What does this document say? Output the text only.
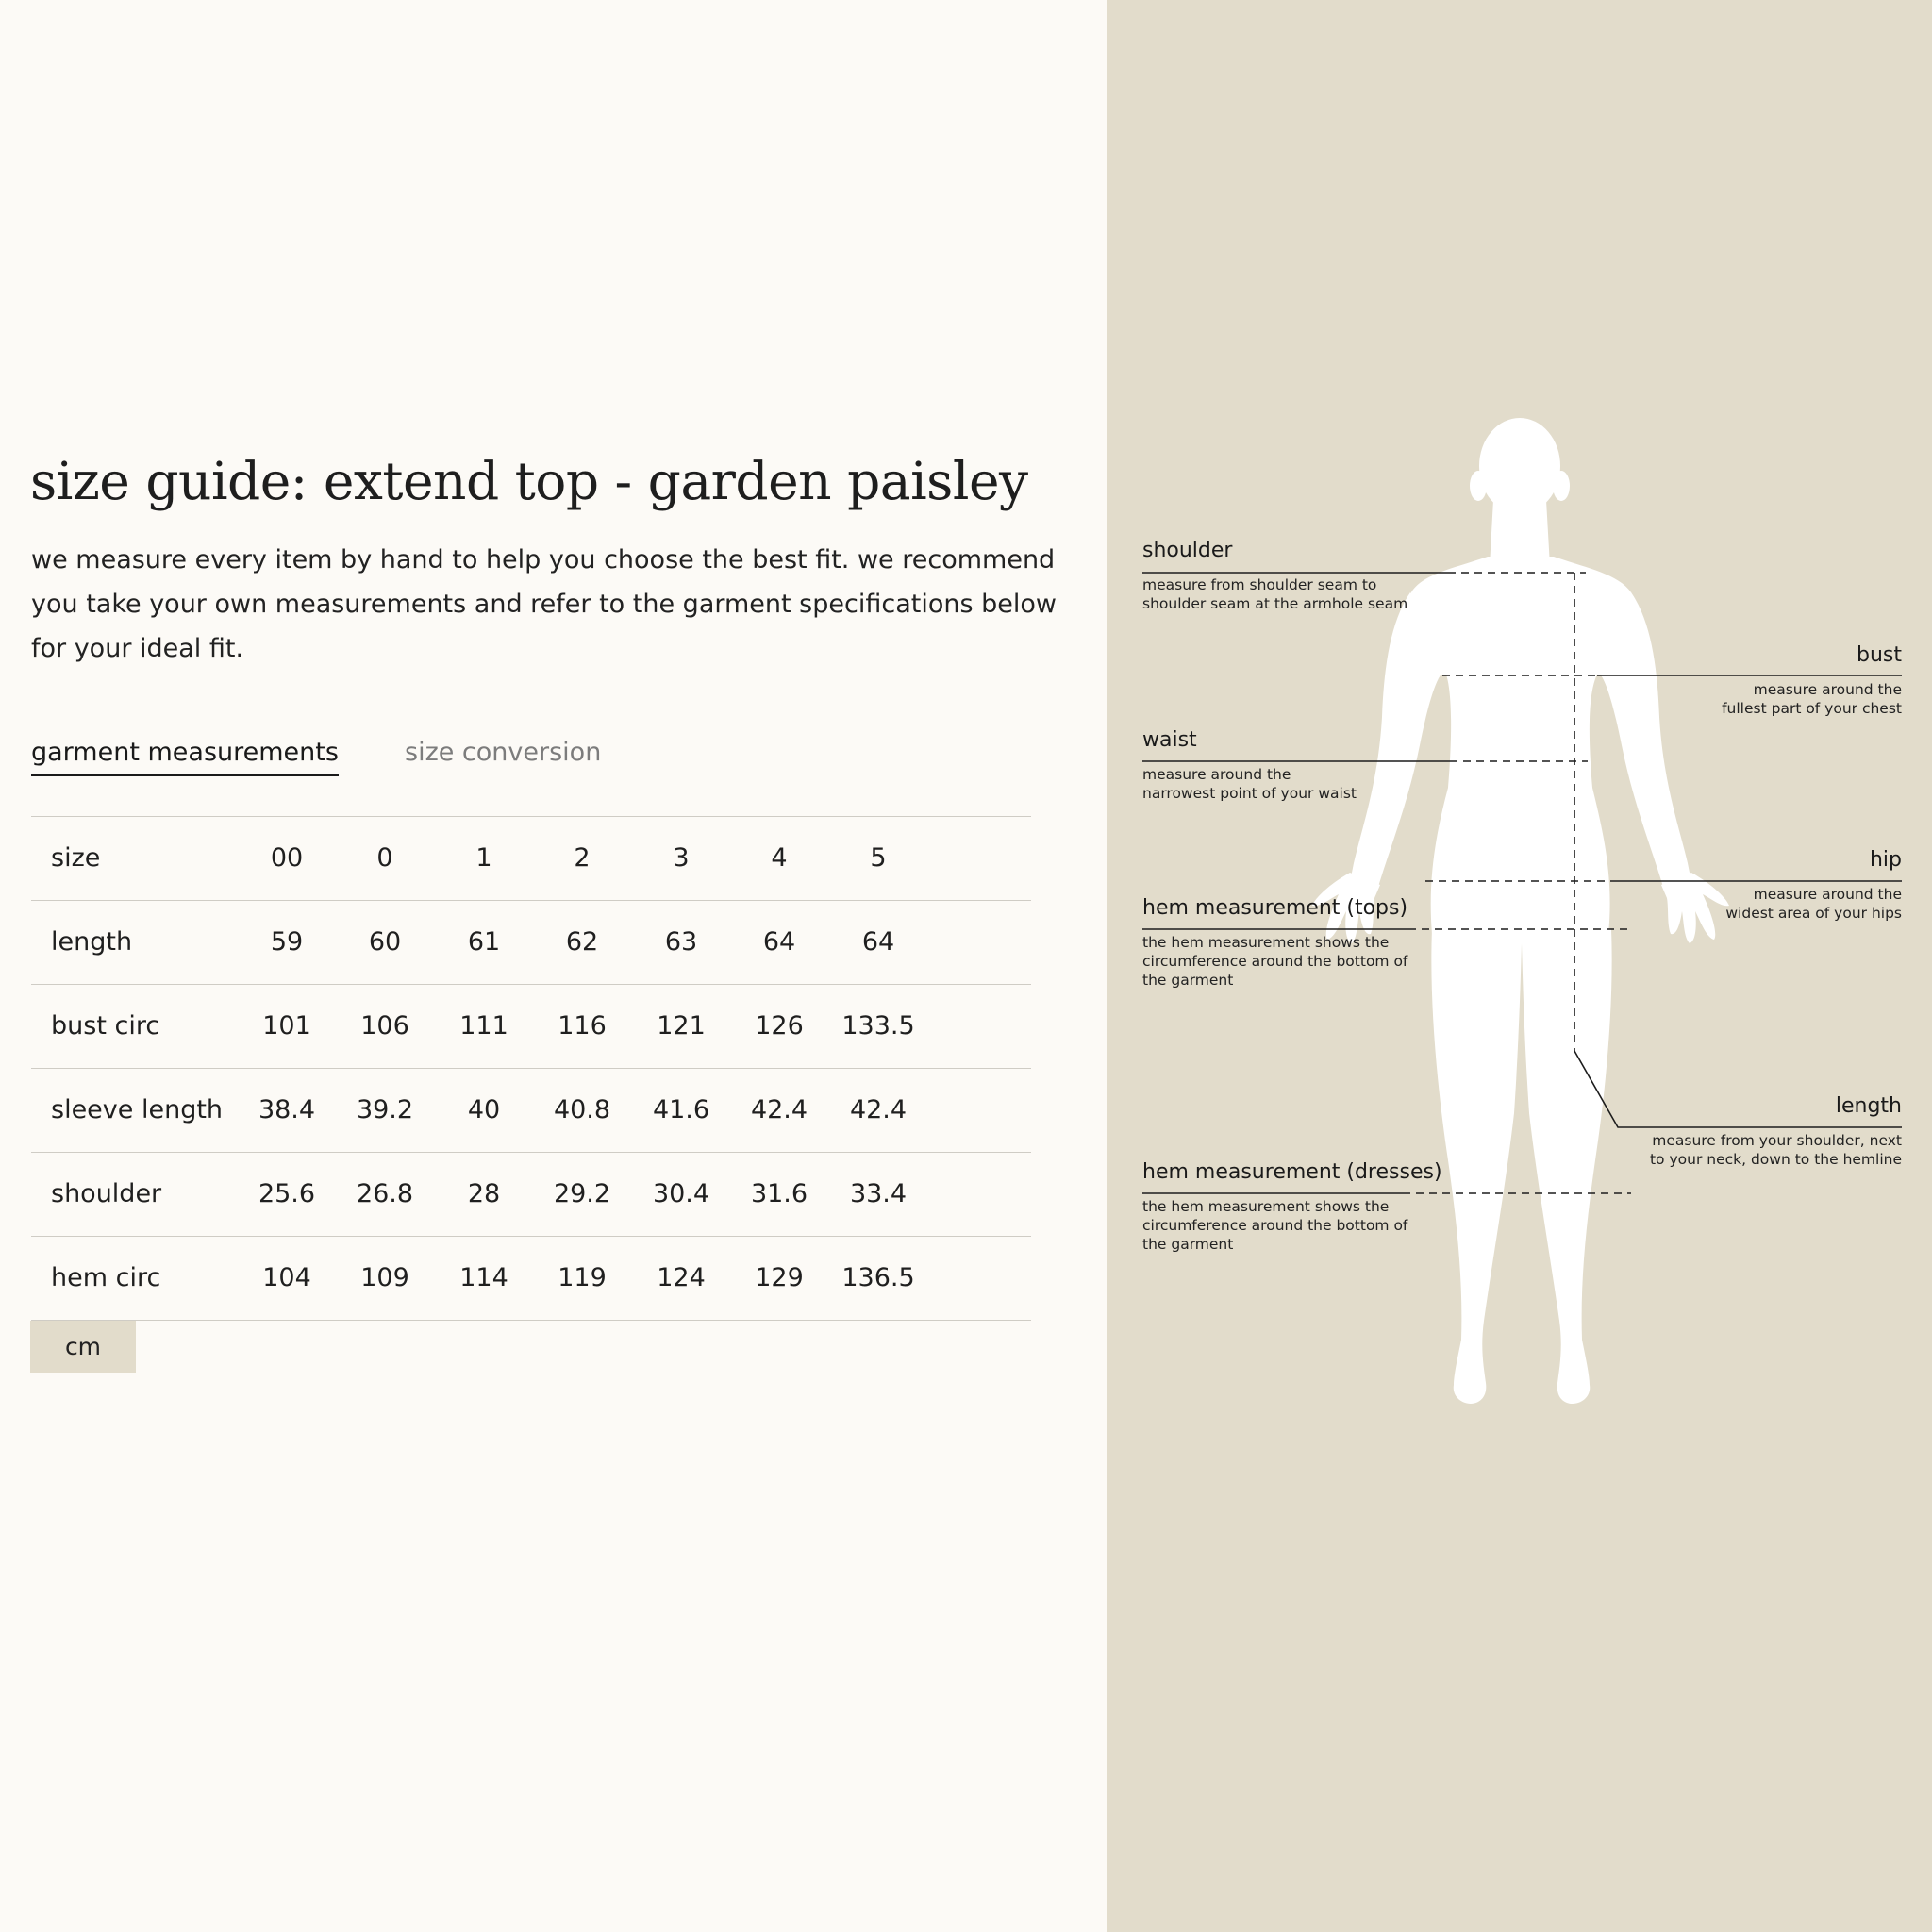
size guide: extend top - garden paisley

we measure every item by hand to help you choose the best fit. we recommend you take your own measurements and refer to the garment specifications below for your ideal fit.

garment measurements	size conversion
size	00	0	1	2	3	4	5
length	59	60	61	62	63	64	64
bust circ	101	106	111	116	121	126	133.5
sleeve length	38.4	39.2	40	40.8	41.6	42.4	42.4
shoulder	25.6	26.8	28	29.2	30.4	31.6	33.4
hem circ	104	109	114	119	124	129	136.5
cm
shoulder
measure from shoulder seam to
shoulder seam at the armhole seam
bust
measure around the
fullest part of your chest
waist
measure around the
narrowest point of your waist
hip
measure around the
widest area of your hips
hem measurement (tops)
the hem measurement shows the
circumference around the bottom of
the garment
length
measure from your shoulder, next
to your neck, down to the hemline
hem measurement (dresses)
the hem measurement shows the
circumference around the bottom of
the garment
